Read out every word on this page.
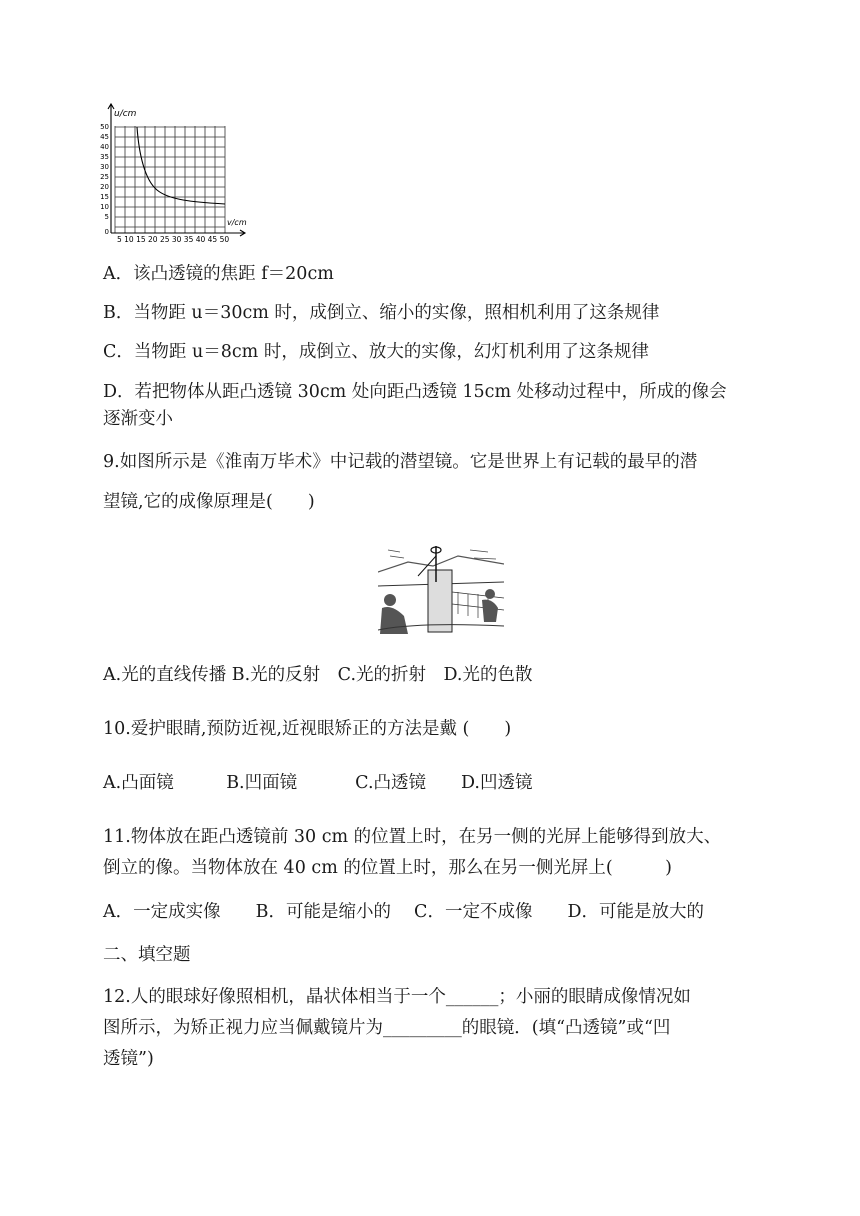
u/cm
v/cm
50
45
40
35
30
25
20
15
10
5
0
5 10 15 20 25 30 35 40 45 50
A．该凸透镜的焦距 f＝20cm
B．当物距 u＝30cm 时，成倒立、缩小的实像，照相机利用了这条规律
C．当物距 u＝8cm 时，成倒立、放大的实像，幻灯机利用了这条规律
D．若把物体从距凸透镜 30cm 处向距凸透镜 15cm 处移动过程中，所成的像会
逐渐变小
9.如图所示是《淮南万毕术》中记载的潜望镜。它是世界上有记载的最早的潜
望镜,它的成像原理是(　　)
A.光的直线传播 B.光的反射　C.光的折射　D.光的色散
10.爱护眼睛,预防近视,近视眼矫正的方法是戴 (　　)
A.凸面镜　　　B.凹面镜　　　 C.凸透镜　　D.凹透镜
11.物体放在距凸透镜前 30 cm 的位置上时，在另一侧的光屏上能够得到放大、
倒立的像。当物体放在 40 cm 的位置上时，那么在另一侧光屏上(　　　)
A．一定成实像　　B．可能是缩小的　 C．一定不成像　　D．可能是放大的
二、填空题
12.人的眼球好像照相机，晶状体相当于一个______；小丽的眼睛成像情况如
图所示，为矫正视力应当佩戴镜片为_________的眼镜．(填“凸透镜”或“凹
透镜”)
